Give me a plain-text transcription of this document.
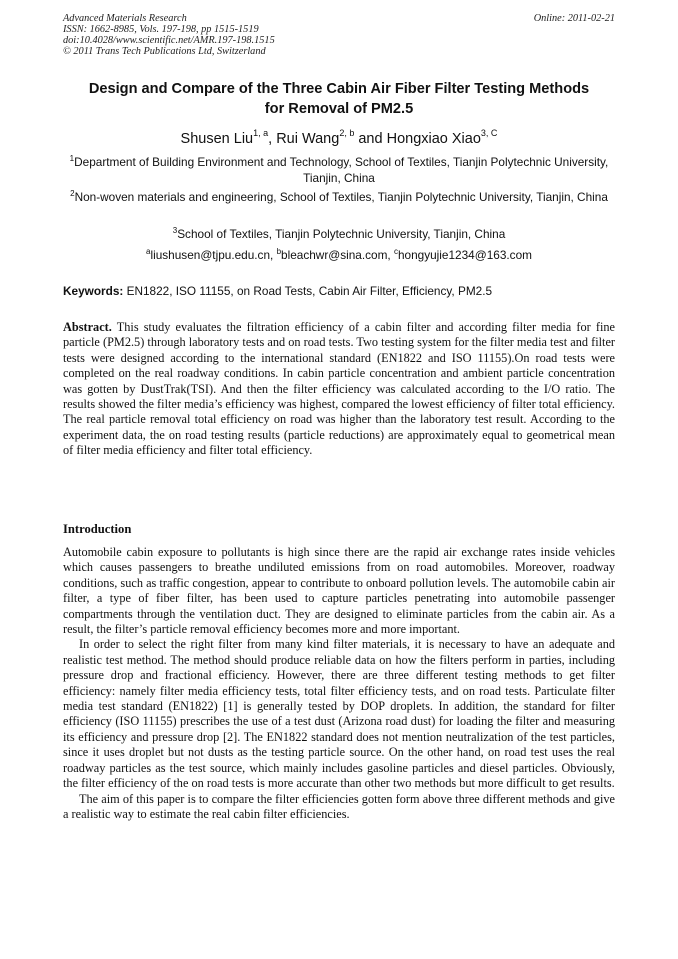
Advanced Materials Research
ISSN: 1662-8985, Vols. 197-198, pp 1515-1519
doi:10.4028/www.scientific.net/AMR.197-198.1515
© 2011 Trans Tech Publications Ltd, Switzerland
Online: 2011-02-21
Design and Compare of the Three Cabin Air Fiber Filter Testing Methods
for Removal of PM2.5
Shusen Liu$^{1, a}$, Rui Wang$^{2, b}$ and Hongxiao Xiao$^{3, C}$
$^1$Department of Building Environment and Technology, School of Textiles, Tianjin Polytechnic University, Tianjin, China
$^2$Non-woven materials and engineering, School of Textiles, Tianjin Polytechnic University, Tianjin, China
$^3$School of Textiles, Tianjin Polytechnic University, Tianjin, China
$^a$liushusen@tjpu.edu.cn, $^b$bleachwr@sina.com, $^c$hongyujie1234@163.com
Keywords: EN1822, ISO 11155, on Road Tests, Cabin Air Filter, Efficiency, PM2.5
Abstract. This study evaluates the filtration efficiency of a cabin filter and according filter media for fine particle (PM2.5) through laboratory tests and on road tests. Two testing system for the filter media test and filter tests were designed according to the international standard (EN1822 and ISO 11155).On road tests were completed on the real roadway conditions. In cabin particle concentration and ambient particle concentration was gotten by DustTrak(TSI). And then the filter efficiency was calculated according to the I/O ratio. The results showed the filter media’s efficiency was highest, compared the lowest efficiency of filter total efficiency. The real particle removal total efficiency on road was higher than the laboratory test result. According to the experiment data, the on road testing results (particle reductions) are approximately equal to geometrical mean of filter media efficiency and filter total efficiency.
Introduction

Automobile cabin exposure to pollutants is high since there are the rapid air exchange rates inside vehicles which causes passengers to breathe undiluted emissions from on road automobiles. Moreover, roadway conditions, such as traffic congestion, appear to contribute to onboard pollution levels. The automobile cabin air filter, a type of fiber filter, has been used to capture particles penetrating into automobile passenger compartments through the ventilation duct. They are designed to eliminate particles from the cabin air. As a result, the filter’s particle removal efficiency becomes more and more important.

In order to select the right filter from many kind filter materials, it is necessary to have an adequate and realistic test method. The method should produce reliable data on how the filters perform in parties, including pressure drop and fractional efficiency. However, there are three different testing methods to get filter efficiency: namely filter media efficiency tests, total filter efficiency tests, and on road tests. Particulate filter media test standard (EN1822) [1] is generally tested by DOP droplets. In addition, the standard for filter efficiency (ISO 11155) prescribes the use of a test dust (Arizona road dust) for loading the filter and measuring its efficiency and pressure drop [2]. The EN1822 standard does not mention neutralization of the test particles, since it uses droplet but not dusts as the testing particle source. On the other hand, on road test uses the real roadway particles as the test source, which mainly includes gasoline particles and diesel particles. Obviously, the filter efficiency of the on road tests is more accurate than other two methods but more difficult to get results.

The aim of this paper is to compare the filter efficiencies gotten form above three different methods and give a realistic way to estimate the real cabin filter efficiencies.
